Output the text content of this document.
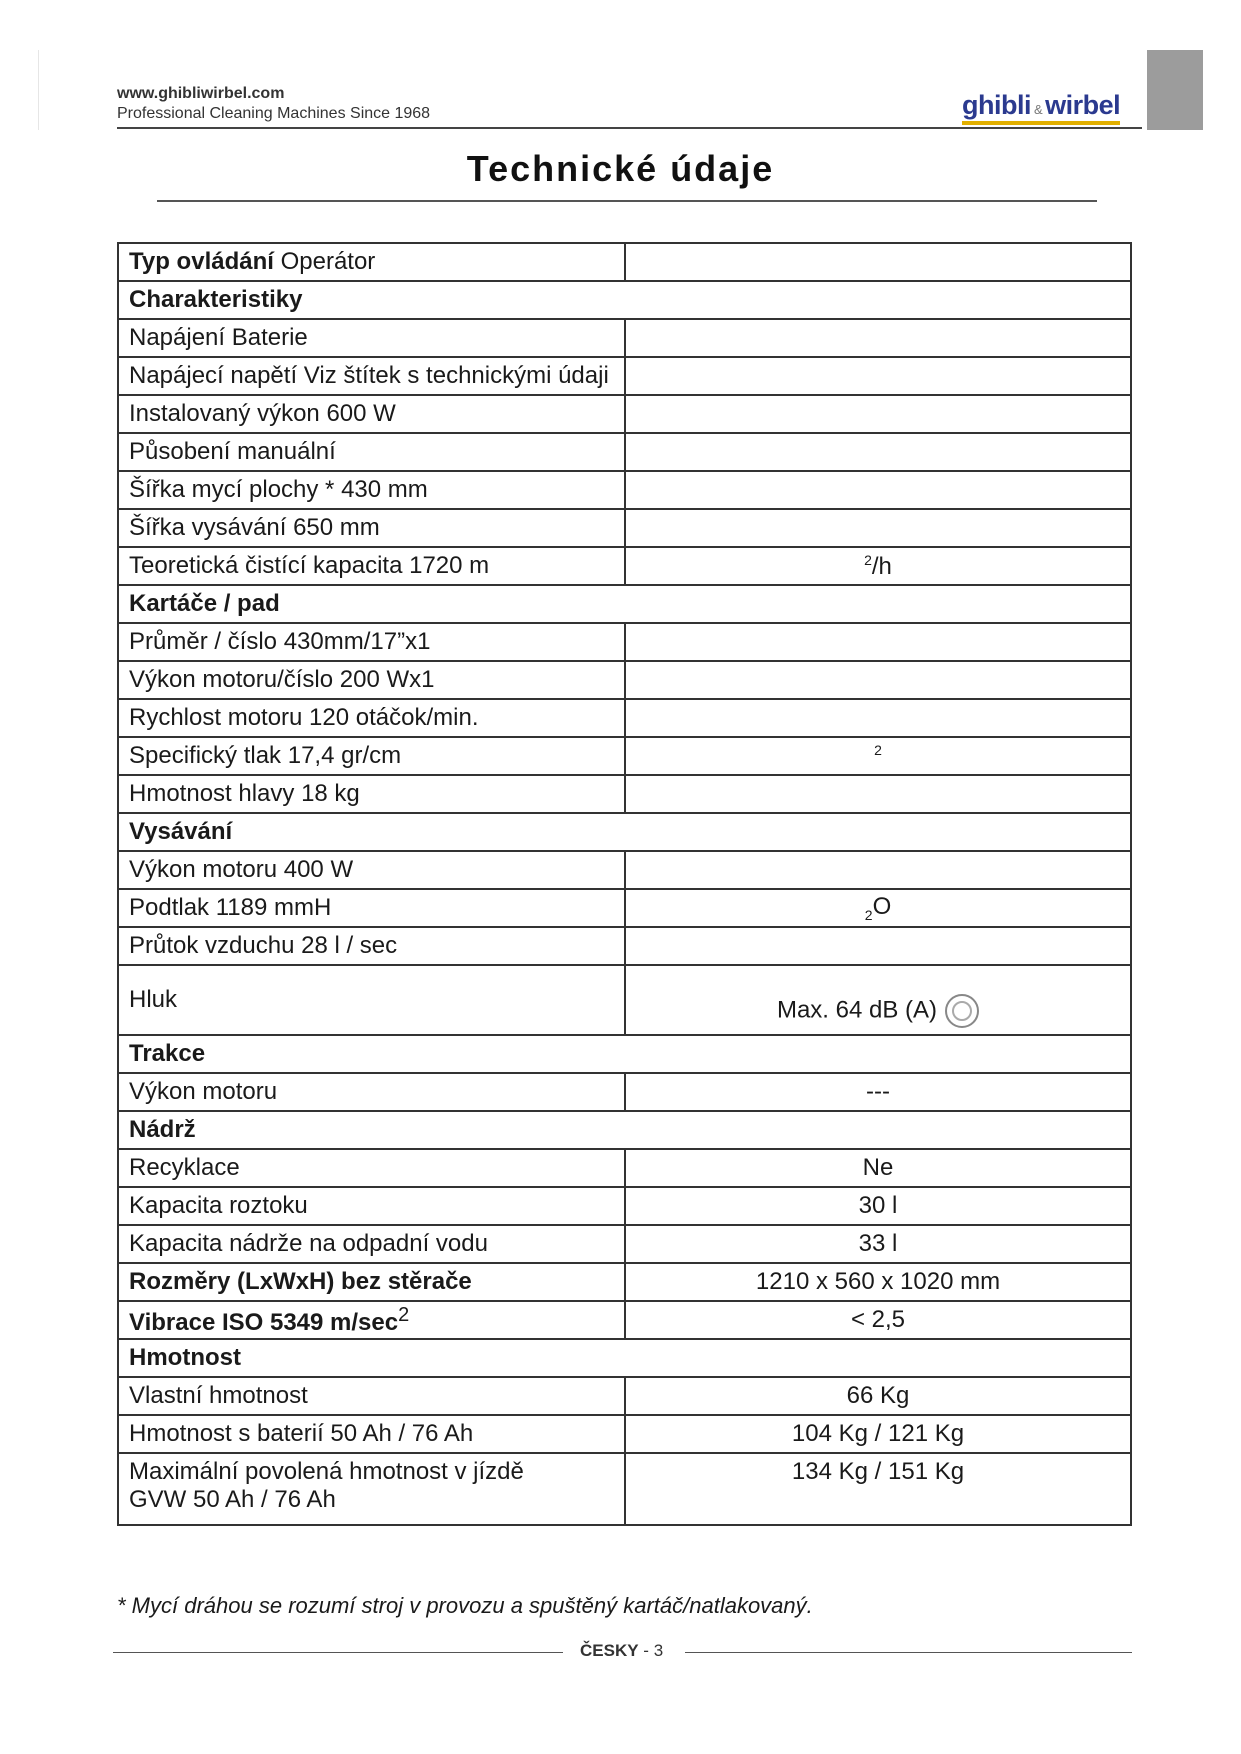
www.ghibliwirbel.com
Professional Cleaning Machines Since 1968	ghibli & wirbel
Technické údaje
Typ ovládání Operátor	
Charakteristiky	
Napájení Baterie	
Napájecí napětí Viz štítek s technickými údaji	
Instalovaný výkon 600 W	
Působení manuální	
Šířka mycí plochy * 430 mm	
Šířka vysávání 650 mm	
Teoretická čistící kapacita 1720 m	$^2$/h
Kartáče / pad	
Průměr / číslo 430mm/17”x1	
Výkon motoru/číslo 200 Wx1	
Rychlost motoru 120 otáčok/min.	
Specifický tlak 17,4 gr/cm	$^2$
Hmotnost hlavy 18 kg	
Vysávání	
Výkon motoru 400 W	
Podtlak 1189 mmH	$_2$O
Průtok vzduchu 28 l / sec	
Hluk	Max. 64 dB (A)
Trakce	
Výkon motoru	---
Nádrž	
Recyklace	Ne
Kapacita roztoku	30 l
Kapacita nádrže na odpadní vodu	33 l
Rozměry (LxWxH) bez stěrače	1210 x 560 x 1020 mm
Vibrace ISO 5349 $m/\sec^2$	< 2,5
Hmotnost	
Vlastní hmotnost	66 Kg
Hmotnost s baterií 50 Ah / 76 Ah	104 Kg / 121 Kg

Maximální povolená hmotnost v jízdě
GVW 50 Ah / 76 Ah	134 Kg / 151 Kg
* Mycí dráhou se rozumí stroj v provozu a spuštěný kartáč/natlakovaný.
ČESKY - 3
